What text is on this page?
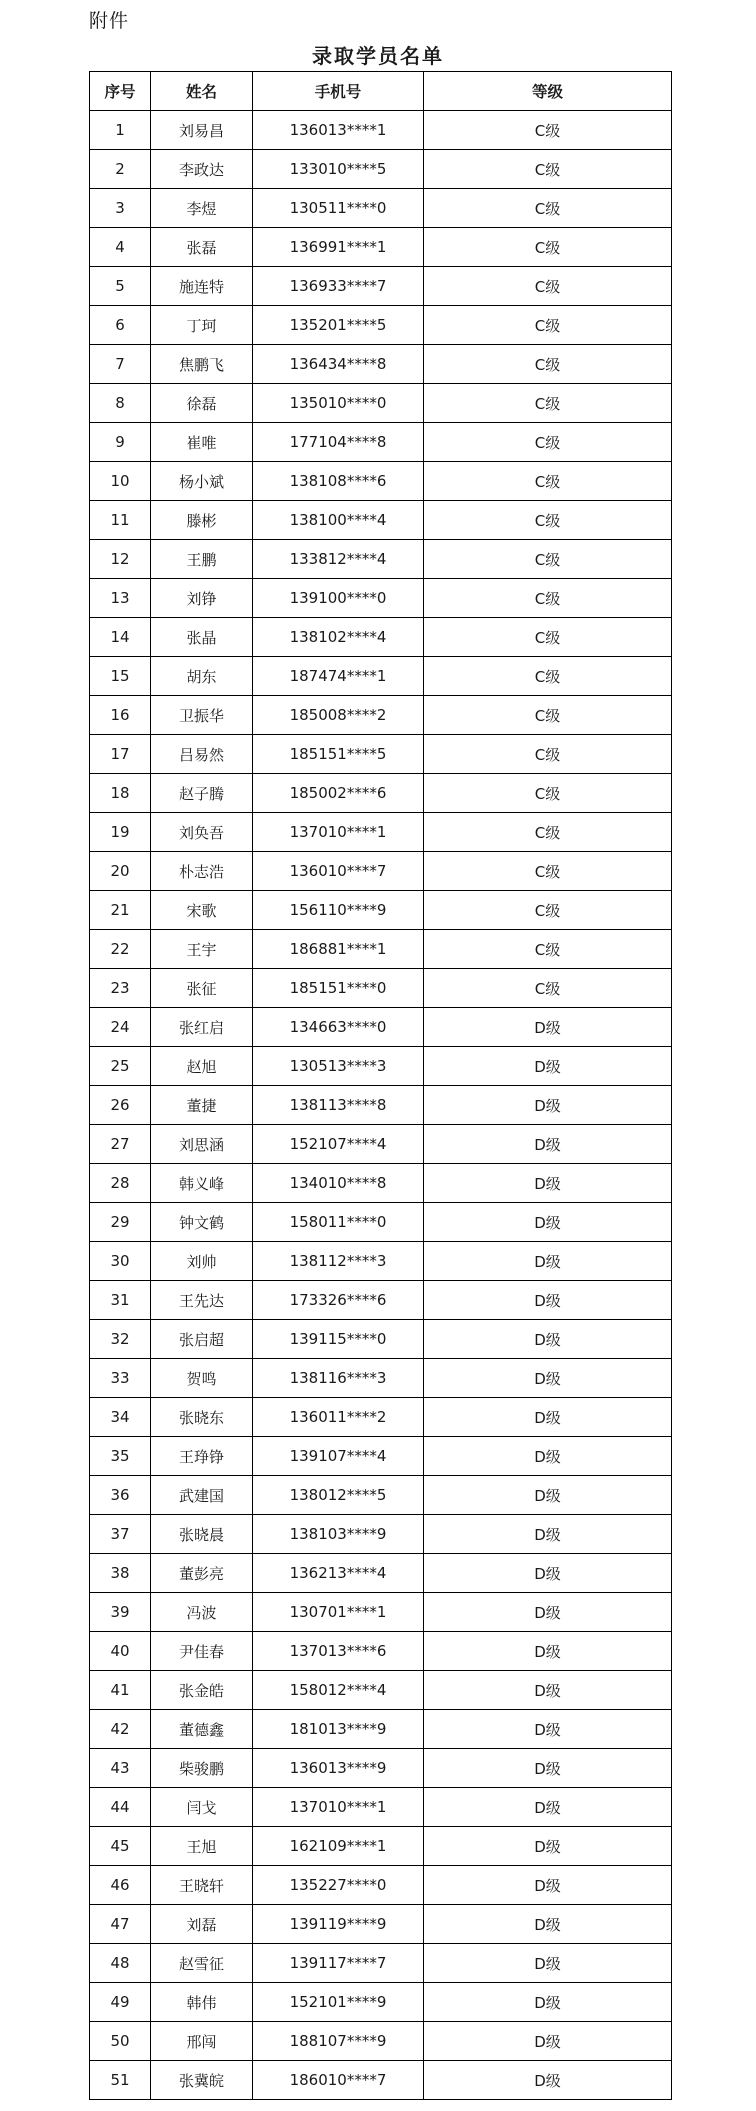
附件
录取学员名单
序号	姓名	手机号	等级
1	刘易昌	136013****1	C级
2	李政达	133010****5	C级
3	李煜	130511****0	C级
4	张磊	136991****1	C级
5	施连特	136933****7	C级
6	丁珂	135201****5	C级
7	焦鹏飞	136434****8	C级
8	徐磊	135010****0	C级
9	崔唯	177104****8	C级
10	杨小斌	138108****6	C级
11	滕彬	138100****4	C级
12	王鹏	133812****4	C级
13	刘铮	139100****0	C级
14	张晶	138102****4	C级
15	胡东	187474****1	C级
16	卫振华	185008****2	C级
17	吕易然	185151****5	C级
18	赵子腾	185002****6	C级
19	刘奂吾	137010****1	C级
20	朴志浩	136010****7	C级
21	宋歌	156110****9	C级
22	王宇	186881****1	C级
23	张征	185151****0	C级
24	张红启	134663****0	D级
25	赵旭	130513****3	D级
26	董捷	138113****8	D级
27	刘思涵	152107****4	D级
28	韩义峰	134010****8	D级
29	钟文鹤	158011****0	D级
30	刘帅	138112****3	D级
31	王先达	173326****6	D级
32	张启超	139115****0	D级
33	贺鸣	138116****3	D级
34	张晓东	136011****2	D级
35	王琤铮	139107****4	D级
36	武建国	138012****5	D级
37	张晓晨	138103****9	D级
38	董彭亮	136213****4	D级
39	冯波	130701****1	D级
40	尹佳春	137013****6	D级
41	张金皓	158012****4	D级
42	董德鑫	181013****9	D级
43	柴骏鹏	136013****9	D级
44	闫戈	137010****1	D级
45	王旭	162109****1	D级
46	王晓轩	135227****0	D级
47	刘磊	139119****9	D级
48	赵雪征	139117****7	D级
49	韩伟	152101****9	D级
50	邢闯	188107****9	D级
51	张冀皖	186010****7	D级
